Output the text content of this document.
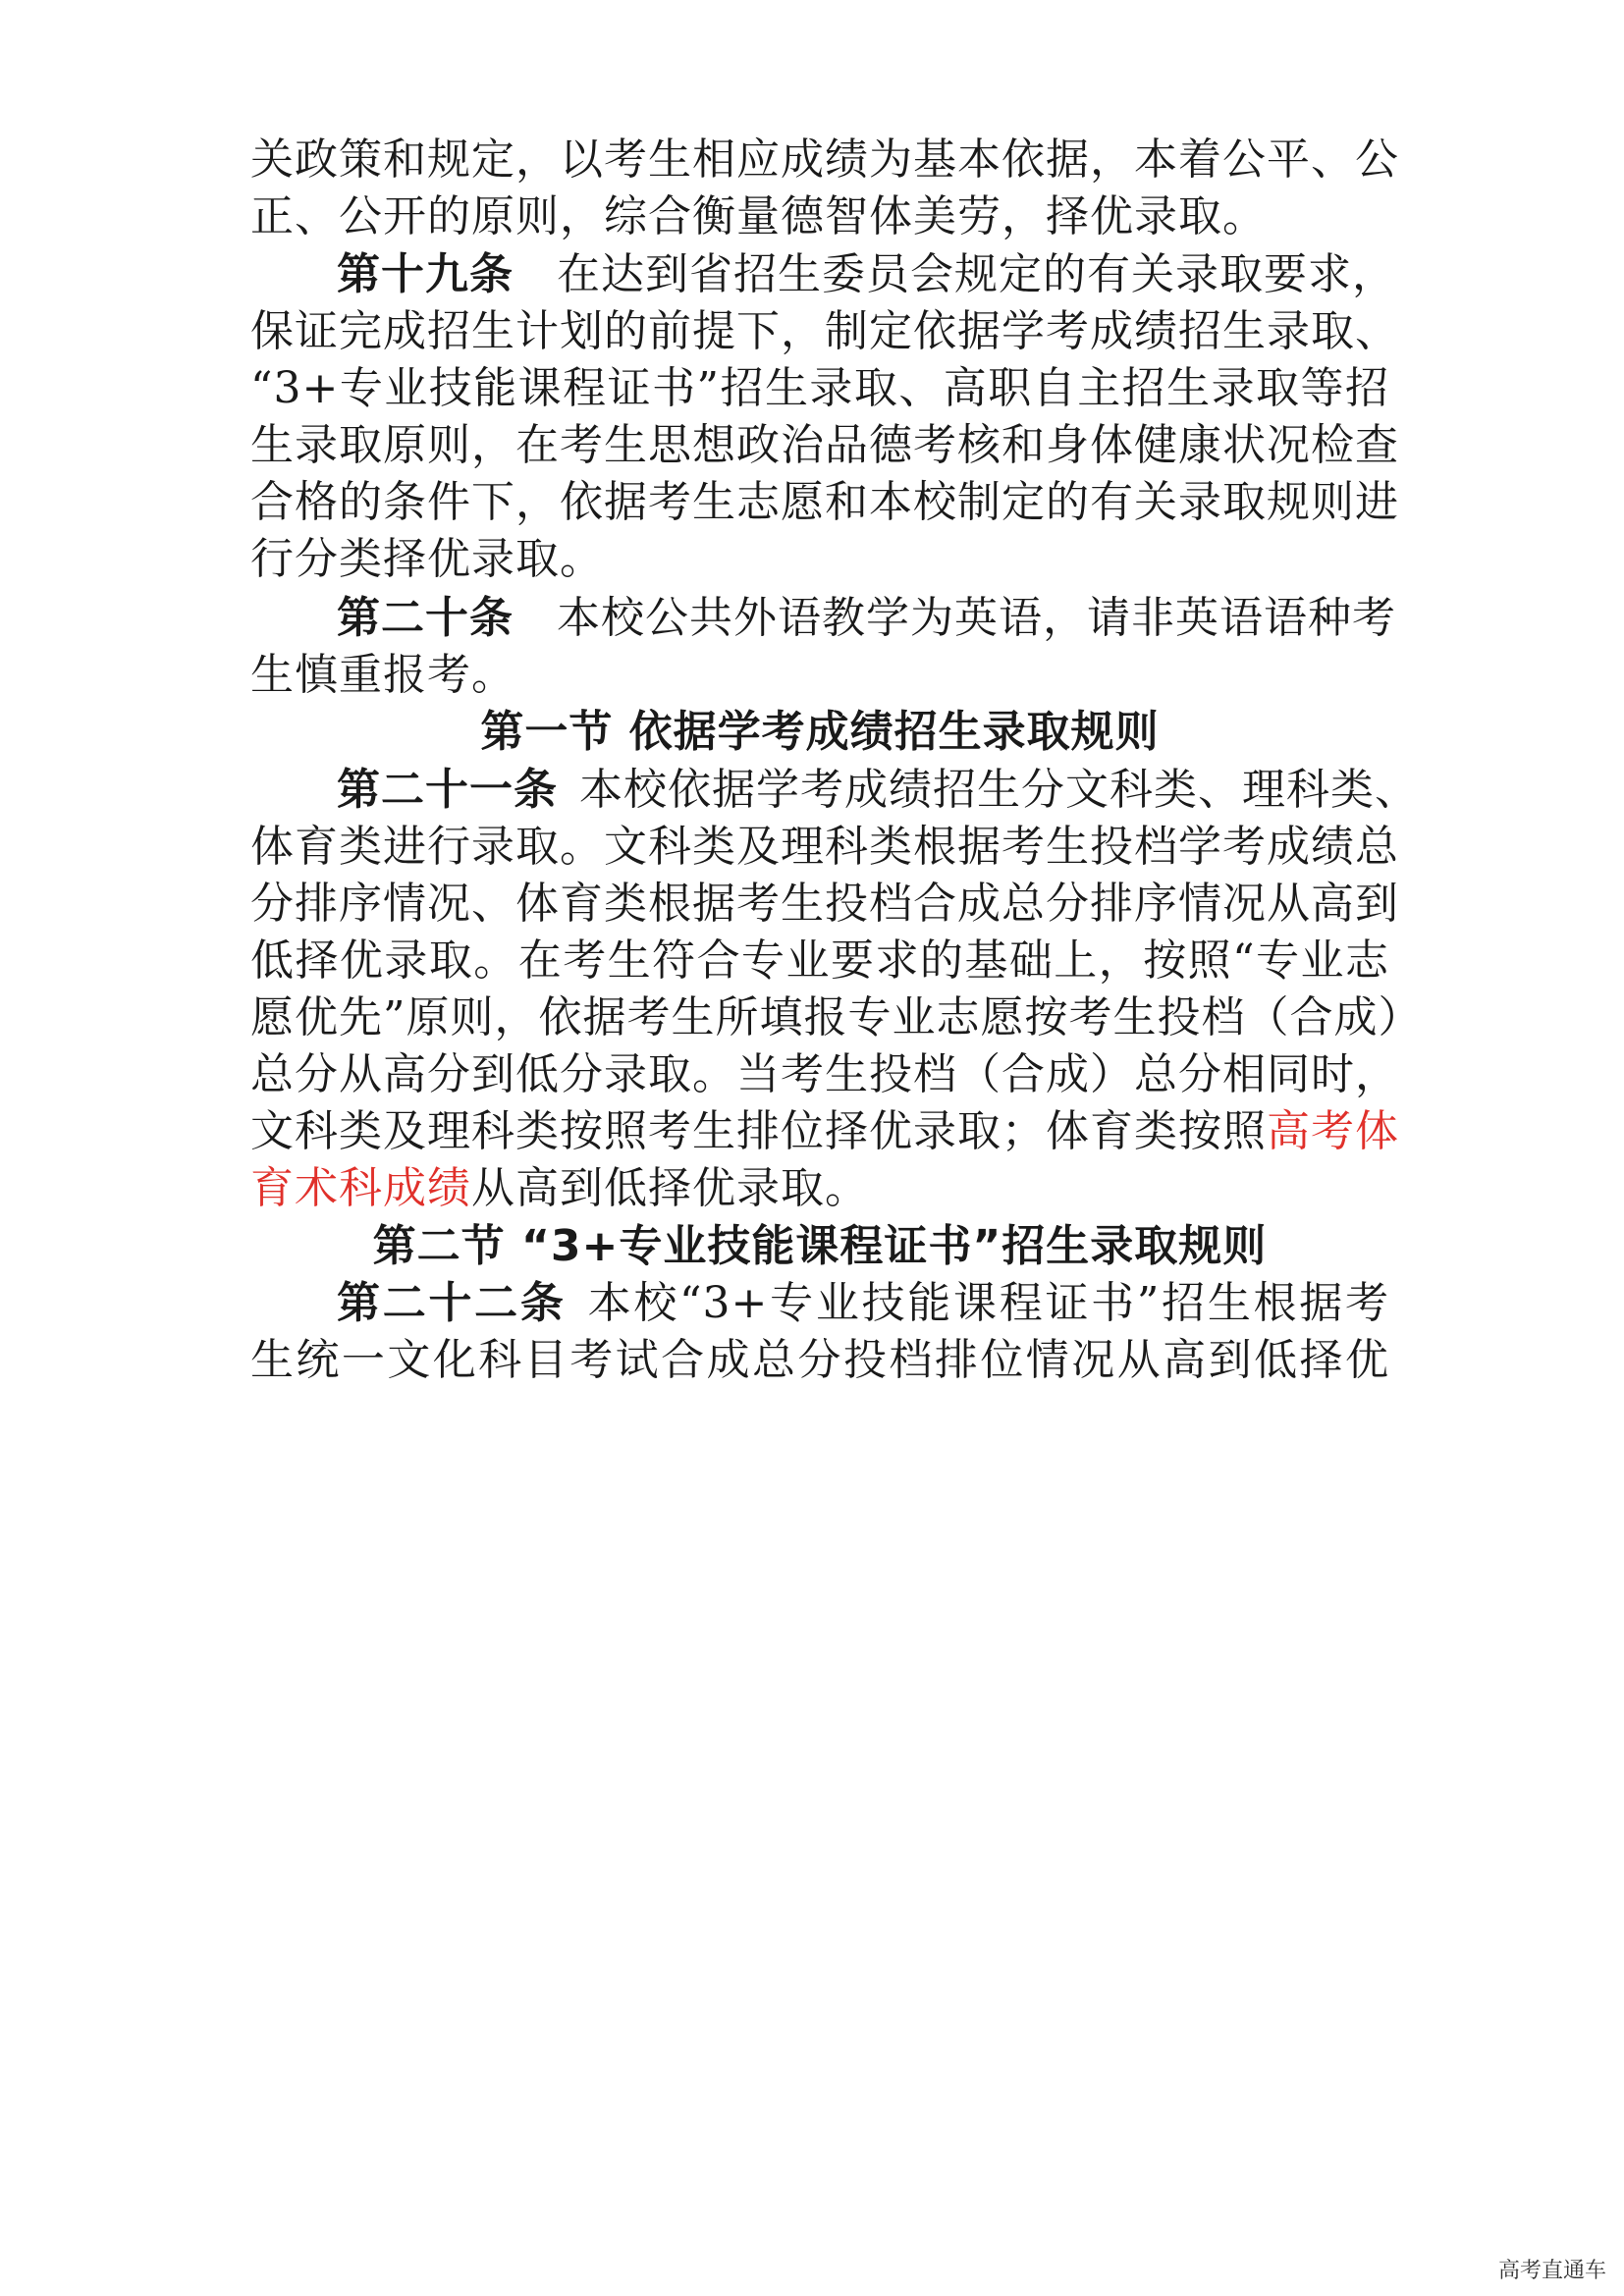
关政策和规定，以考生相应成绩为基本依据，本着公平、公
正、公开的原则，综合衡量德智体美劳，择优录取。
第十九条 在达到省招生委员会规定的有关录取要求，
保证完成招生计划的前提下，制定依据学考成绩招生录取、
“3+专业技能课程证书”招生录取、高职自主招生录取等招
生录取原则，在考生思想政治品德考核和身体健康状况检查
合格的条件下，依据考生志愿和本校制定的有关录取规则进
行分类择优录取。
第二十条 本校公共外语教学为英语，请非英语语种考
生慎重报考。
第一节 依据学考成绩招生录取规则
第二十一条 本校依据学考成绩招生分文科类、理科类、
体育类进行录取。文科类及理科类根据考生投档学考成绩总
分排序情况、体育类根据考生投档合成总分排序情况从高到
低择优录取。在考生符合专业要求的基础上，按照“专业志
愿优先”原则，依据考生所填报专业志愿按考生投档（合成）
总分从高分到低分录取。当考生投档（合成）总分相同时，
文科类及理科类按照考生排位择优录取；体育类按照高考体
育术科成绩从高到低择优录取。
第二节 “3+专业技能课程证书”招生录取规则
第二十二条 本校“3+专业技能课程证书”招生根据考
生统一文化科目考试合成总分投档排位情况从高到低择优
高考直通车
